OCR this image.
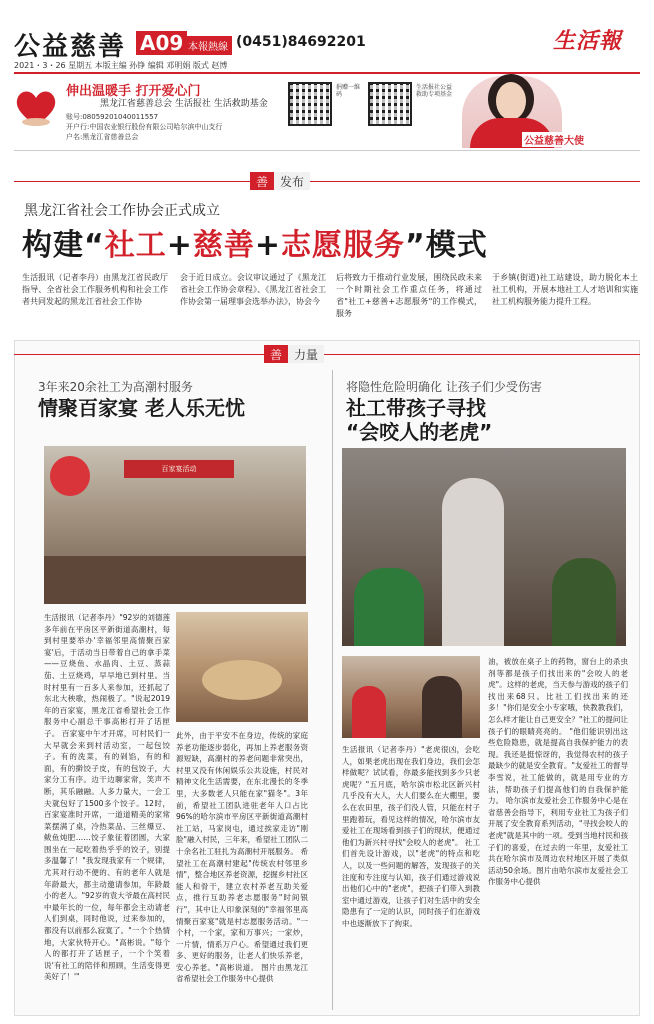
公益慈善 A09 本報熱線 (0451)84692201	生活報
2021・3・26 星期五 本版主编 孙铮 编辑 邓明娟 版式 赵博
伸出温暖手 打开爱心门
黑龙江省慈善总会 生活报社 生活救助基金
账号:08059201040011557
开户行:中国农业银行股份有限公司哈尔滨中山支行
户名:黑龙江省慈善总会
捐赠一维码
生活报社公益救助专项基金
公益慈善大使
善	发布
黑龙江省社会工作协会正式成立
构建“社工+慈善+志愿服务”模式
生活报讯（记者李丹）由黑龙江省民政厅指导、全省社会工作服务机构和社会工作者共同发起的黑龙江省社会工作协
会于近日成立。会议审议通过了《黑龙江省社会工作协会章程》、《黑龙江省社会工作协会第一届理事会选举办法》，协会今
后将致力于推动行业发展，围绕民政未来一个时期社会工作重点任务，将通过省"社工+慈善+志愿服务"的工作模式，服务
于乡镇(街道)社工站建设，助力脱化本土社工机构，开展本地社工人才培训和实施社工机构服务能力提升工程。
善	力量
3年来20余社工为高潮村服务
情聚百家宴 老人乐无忧
百家宴活动
生活报讯（记者李丹）"92岁的刘德莲多年前在平房区平新街道高潮村，每到村里要举办'幸福邻里高情聚百家宴'后，于活动当日带着自己的拿手菜——豆烧鱼、水晶肉、土豆、蒸蒜茄、土豆烧鸡，早早地已到村里。当时村里有一百多人来参加，还抓起了东北大秧歌，热闹极了。"说起2019年的百家宴，黑龙江省希望社会工作服务中心副总干事高彬打开了话匣子。 百家宴中午才开席，可村民们一大早就会来到村活动室，一起包饺子。有的洗菜，有的剁馅，有的和面，有的擀饺子皮，有的包饺子，大家分工有序。边干边聊家常，笑声不断，其乐融融。人多力量大，一会工夫就包好了1500多个饺子。12时，百家宴准时开席，一道道精美的家常菜摆满了桌，冷热菜品、三丝爆豆、鲅鱼炖肥……饺子象征着团圆，大家围坐在一起吃着热乎乎的饺子，别提多温馨了！"我发现我家有一个规律，尤其对行动不便的、有的老年人就是年龄最大，都主动邀请参加，年龄最小的老人。"92岁的袁大爷最在高村民中最年长的一位，每年都会主动请老人们到桌，同时他说，过来参加的，都没有以前那么寂寞了。"一个个热情地，大家伙特开心。"高彬说。"每个人的都打开了话匣子，一个个笑着说'有社工的陪伴和照顾，生活变得更美好了！'"
此外，由于平安不在身边，传统的家庭养老功能逐步弱化，再加上养老服务资源短缺，高潮村的养老问题非常突出，村里又没有休闲娱乐公共设施，村民对精神文化生活需要，在东北漫长的冬季里，大多数老人只能在家"猫冬"。3年前，希望社工团队进驻老年人口占比96%的哈尔滨市平房区平新街道高潮村社工站，马家岗屯，通过挨家走访"刚脸"融入村民，三年来，希望社工团队二十余名社工驻扎为高潮村开展服务。 希望社工在高潮村建起"传统农村邻里乡情"，整合地区养老资源，挖掘乡村社区能人和骨干，建立农村养老互助关爱点，推行互助养老志愿服务"时间银行"，其中让人印象深刻的"幸福邻里高情聚百家宴"就是村志愿服务活动。"一个村，一个家，家和万事兴；一家炒，一片情，情系万户心。希望通过我们更多、更好的服务，让老人们快乐养老，安心养老。"高彬说道。 图片由黑龙江省希望社会工作服务中心提供
将隐性危险明确化 让孩子们少受伤害
社工带孩子寻找
“会咬人的老虎”
生活报讯（记者李丹）"老虎很凶，会吃人，如果老虎出现在我们身边，我们会怎样做呢？试试看，你最多能找到多少只老虎呢？"五月底，哈尔滨市松北区新兴村几乎没有大人，大人们要么在大棚里，要么在农田里，孩子们没人管，只能在村子里跑着玩，看见这样的情况，哈尔滨市友爱社工在现场看到孩子们的现状，便通过他们为新兴村寻找"会咬人的老虎"。 社工们首先设计游戏，以"老虎"的特点和吃人，以及一些问题的解答，发现孩子的关注度和专注度与认知，孩子们通过游戏说出他们心中的"老虎"，把孩子们带入到教室中通过游戏，让孩子们对生活中的安全隐患有了一定的认识，同时孩子们在游戏中也逐渐放下了拘束。
油，被放在桌子上的药物，窗台上的杀虫剂等都是孩子们找出来的"会咬人的老虎"。这样的老虎，当天参与游戏的孩子们找出来68只。比社工们找出来的还多！"你们是安全小专家哦，快教教我们，怎么样才能让自己更安全？"社工的提问让孩子们的眼睛亮亮的。 "他们能识别出这些危险隐患，就是提高自我保护能力的表现。我还是挺惊讶的，我觉得农村的孩子最缺少的就是安全教育。"友爱社工的督导李雪说，社工能做的，就是用专业的方法，帮助孩子们提高他们的自我保护能力。 哈尔滨市友爱社会工作服务中心是在省慈善会指导下，利用专业社工为孩子们开展了安全教育系列活动，"寻找会咬人的老虎"就是其中的一项。受到当地村民和孩子们的喜爱，在过去的一年里，友爱社工共在哈尔滨市及周边农村地区开展了类似活动50余场。图片由哈尔滨市友爱社会工作服务中心提供
